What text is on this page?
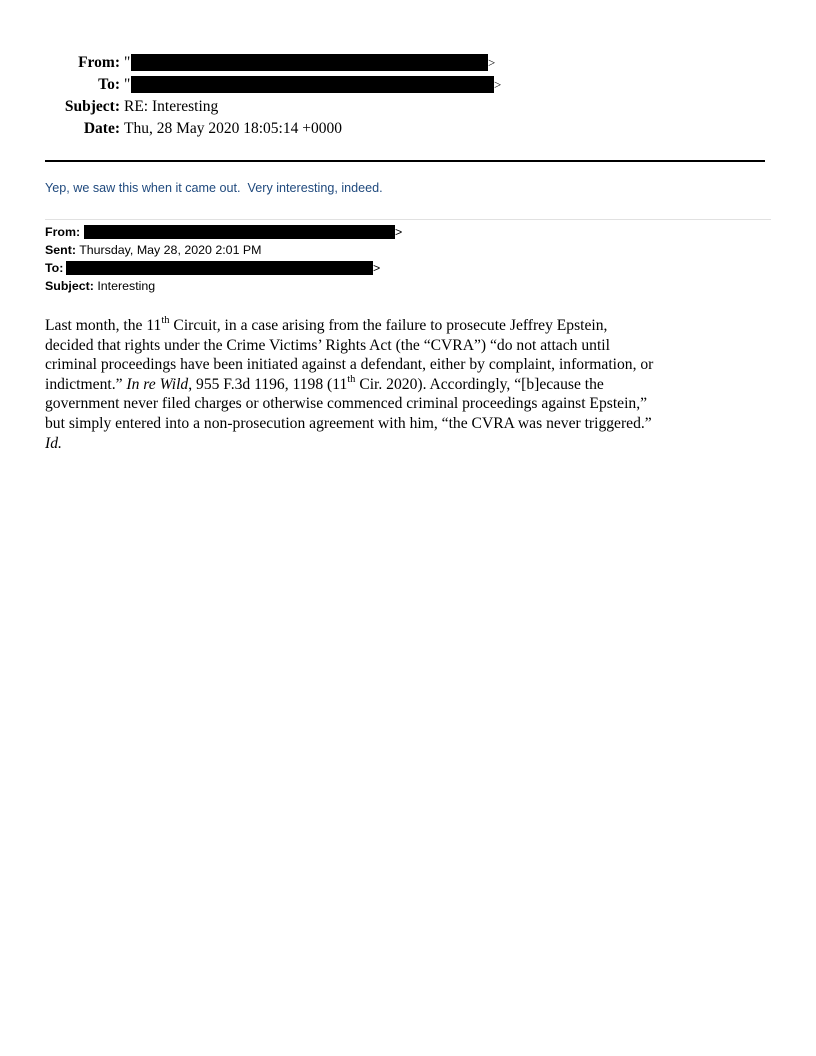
From: "	>
To: "	>
Subject: RE: Interesting
Date: Thu, 28 May 2020 18:05:14 +0000
Yep, we saw this when it came out.  Very interesting, indeed.
From:	>
Sent: Thursday, May 28, 2020 2:01 PM
To:	>
Subject: Interesting
Last month, the 11th Circuit, in a case arising from the failure to prosecute Jeffrey Epstein,
decided that rights under the Crime Victims’ Rights Act (the “CVRA”) “do not attach until
criminal proceedings have been initiated against a defendant, either by complaint, information, or
indictment.” In re Wild, 955 F.3d 1196, 1198 (11th Cir. 2020). Accordingly, “[b]ecause the
government never filed charges or otherwise commenced criminal proceedings against Epstein,”
but simply entered into a non-prosecution agreement with him, “the CVRA was never triggered.”
Id.
